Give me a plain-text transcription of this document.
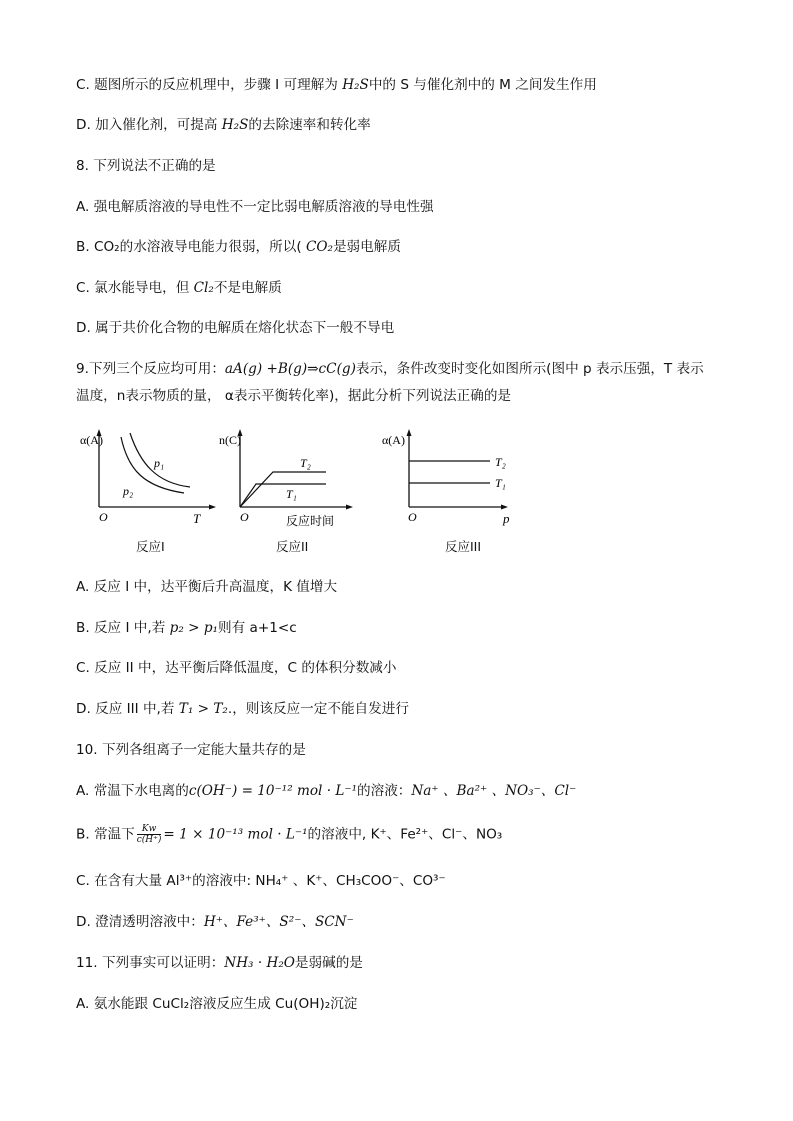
C. 题图所示的反应机理中，步骤 I 可理解为 H₂S中的 S 与催化剂中的 M 之间发生作用
D. 加入催化剂，可提高 H₂S的去除速率和转化率
8. 下列说法不正确的是
A. 强电解质溶液的导电性不一定比弱电解质溶液的导电性强
B. CO₂的水溶液导电能力很弱，所以( CO₂是弱电解质
C. 氯水能导电，但 Cl₂不是电解质
D. 属于共价化合物的电解质在熔化状态下一般不导电
9.下列三个反应均可用：aA(g) +B(g)⇒cC(g)表示，条件改变时变化如图所示(图中 p 表示压强，T 表示
温度，n表示物质的量， α表示平衡转化率)，据此分析下列说法正确的是
α(A)
O	T
p₁
p₂
n(C)
O	反应时间
T₂
T₁
α(A)
O	p
T₂
T₁
反应I	反应II	反应III
A. 反应 I 中，达平衡后升高温度，K 值增大
B. 反应 I 中,若 p₂ > p₁则有 a+1<c
C. 反应 II 中，达平衡后降低温度，C 的体积分数减小
D. 反应 III 中,若 T₁ > T₂.，则该反应一定不能自发进行
10. 下列各组离子一定能大量共存的是
A. 常温下水电离的c(OH⁻) = 10⁻¹² mol · L⁻¹的溶液：Na⁺ 、Ba²⁺ 、NO₃⁻、Cl⁻
B. 常温下 $\frac{Kw}{c(H^+)} = 1 \times 10^{-13}$ mol · L⁻¹的溶液中, K⁺、Fe²⁺、Cl⁻、NO₃
C. 在含有大量 Al³⁺的溶液中: NH₄⁺ 、K⁺、CH₃COO⁻、CO³⁻
D. 澄清透明溶液中：H⁺、Fe³⁺、S²⁻、SCN⁻
11. 下列事实可以证明：NH₃ · H₂O是弱碱的是
A. 氨水能跟 CuCl₂溶液反应生成 Cu(OH)₂沉淀
